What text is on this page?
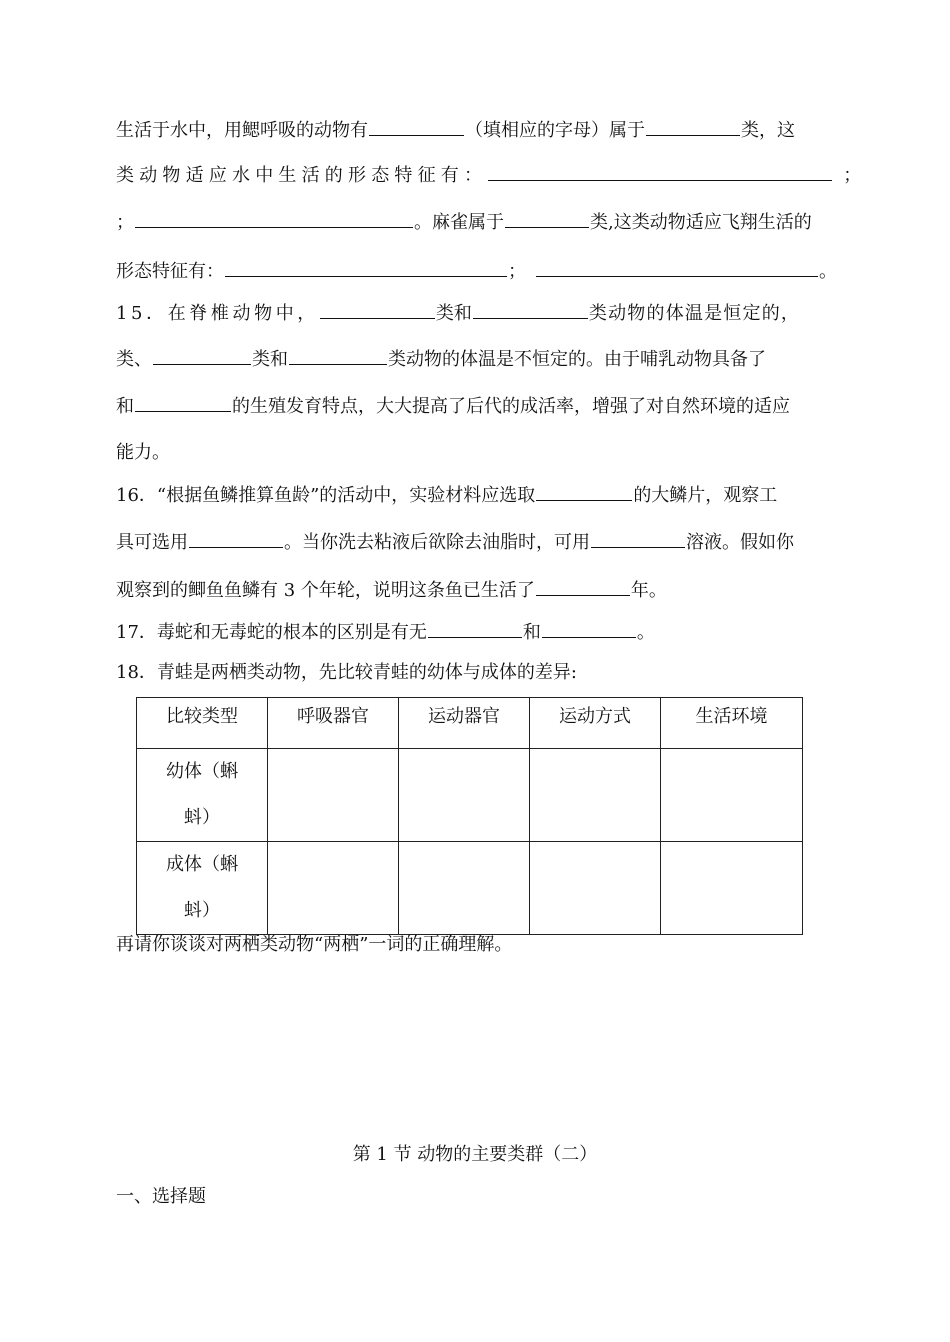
生活于水中，用鳃呼吸的动物有	（填相应的字母）属于	类，这
类动物适应水中生活的形态特征有：	；
；	。麻雀属于	类,这类动物适应飞翔生活的
形态特征有：	；	。
15．在脊椎动物中，	类和	类动物的体温是恒定的，
类、	类和	类动物的体温是不恒定的。由于哺乳动物具备了
和	的生殖发育特点，大大提高了后代的成活率，增强了对自然环境的适应
能力。
16．“根据鱼鳞推算鱼龄”的活动中，实验材料应选取	的大鳞片，观察工
具可选用	。当你洗去粘液后欲除去油脂时，可用	溶液。假如你
观察到的鲫鱼鱼鳞有 3 个年轮，说明这条鱼已生活了	年。
17．毒蛇和无毒蛇的根本的区别是有无	和	。
18．青蛙是两栖类动物，先比较青蛙的幼体与成体的差异:
比较类型	呼吸器官	运动器官	运动方式	生活环境

幼体（蝌蚪）				

成体（蝌蚪）				

再请你谈谈对两栖类动物“两栖”一词的正确理解。
第 1 节 动物的主要类群（二）
一、选择题
